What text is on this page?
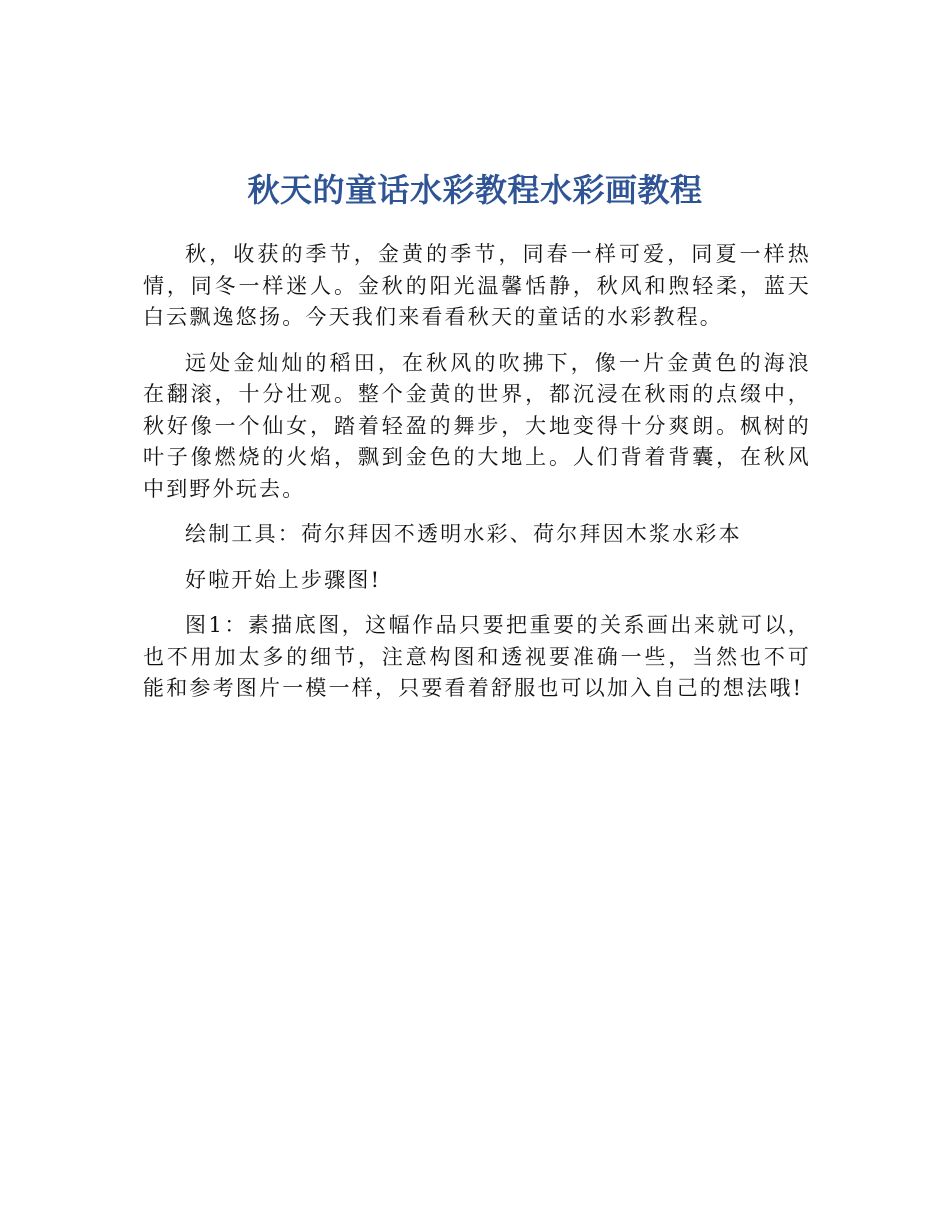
秋天的童话水彩教程水彩画教程

秋，收获的季节，金黄的季节，同春一样可爱，同夏一样热情，同冬一样迷人。金秋的阳光温馨恬静，秋风和煦轻柔，蓝天白云飘逸悠扬。今天我们来看看秋天的童话的水彩教程。

远处金灿灿的稻田，在秋风的吹拂下，像一片金黄色的海浪在翻滚，十分壮观。整个金黄的世界，都沉浸在秋雨的点缀中，秋好像一个仙女，踏着轻盈的舞步，大地变得十分爽朗。枫树的叶子像燃烧的火焰，飘到金色的大地上。人们背着背囊，在秋风中到野外玩去。

绘制工具：荷尔拜因不透明水彩、荷尔拜因木浆水彩本

好啦开始上步骤图!

图1：素描底图，这幅作品只要把重要的关系画出来就可以，也不用加太多的细节，注意构图和透视要准确一些，当然也不可能和参考图片一模一样，只要看着舒服也可以加入自己的想法哦!
